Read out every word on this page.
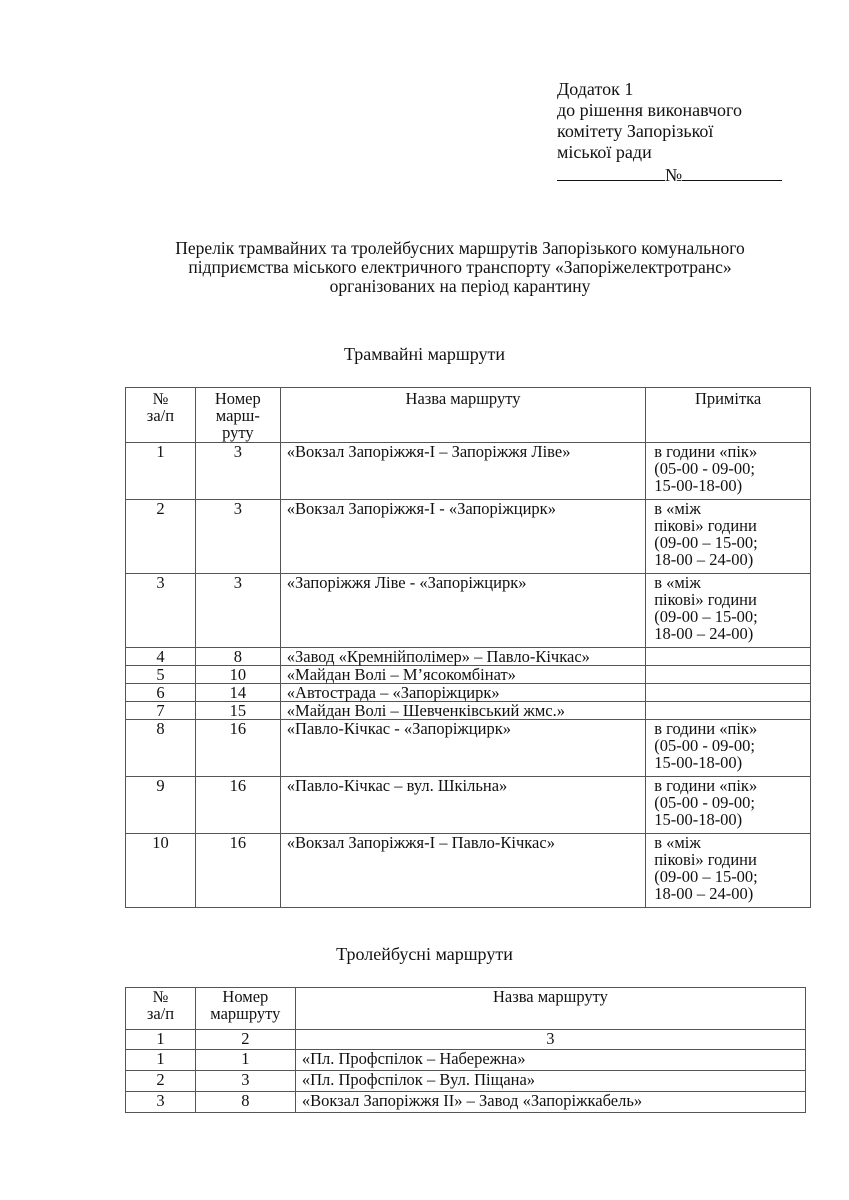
Додаток 1
до рішення виконавчого
комітету Запорізької
міської ради
№
Перелік трамвайних та тролейбусних маршрутів Запорізького комунального
підприємства міського електричного транспорту «Запоріжелектротранс»
організованих на період карантину
Трамвайні маршрути
№
за/п	Номер
марш-
руту	Назва маршруту	Примітка
1	3	«Вокзал Запоріжжя-І – Запоріжжя Ліве»	в години «пік»
(05-00 - 09-00;
15-00-18-00)

2	3	«Вокзал Запоріжжя-І - «Запоріжцирк»	в «між
пікові» години
(09-00 – 15-00;
18-00 – 24-00)

3	3	«Запоріжжя Ліве - «Запоріжцирк»	в «між
пікові» години
(09-00 – 15-00;
18-00 – 24-00)

4	8	«Завод «Кремнійполімер» – Павло-Кічкас»	
5	10	«Майдан Волі – М’ясокомбінат»	
6	14	«Автострада – «Запоріжцирк»	
7	15	«Майдан Волі – Шевченківський жмс.»	
8	16	«Павло-Кічкас - «Запоріжцирк»	в години «пік»
(05-00 - 09-00;
15-00-18-00)

9	16	«Павло-Кічкас – вул. Шкільна»	в години «пік»
(05-00 - 09-00;
15-00-18-00)

10	16	«Вокзал Запоріжжя-І – Павло-Кічкас»	в «між
пікові» години
(09-00 – 15-00;
18-00 – 24-00)
Тролейбусні маршрути
№
за/п	Номер
маршруту	Назва маршруту
1	2	3
1	1	«Пл. Профспілок – Набережна»
2	3	«Пл. Профспілок – Вул. Піщана»
3	8	«Вокзал Запоріжжя ІІ» – Завод «Запоріжкабель»
